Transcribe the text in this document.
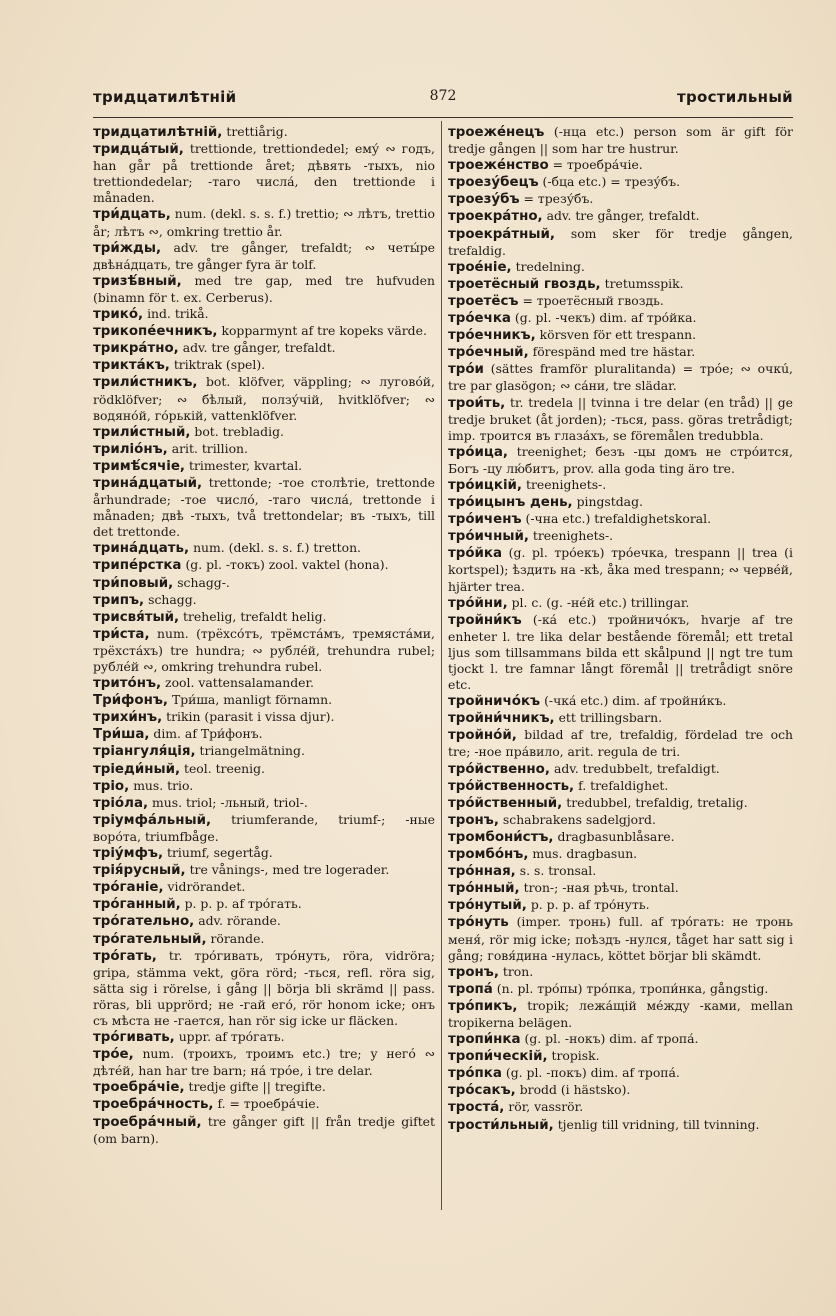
тридцатилѣтній	872	тростильный

тридцатилѣтній, trettiårig.

тридца́тый, trettionde, trettiondedel; ему́ ∾ годъ, han går på trettionde året; дѣвять -тыхъ, nio trettiondedelar; -таго числа́, den trettionde i månaden.

три́дцать, num. (dekl. s. s. f.) trettio; ∾ лѣтъ, trettio år; лѣтъ ∾, omkring trettio år.

три́жды, adv. tre gånger, trefaldt; ∾ четы́ре двѣна́дцать, tre gånger fyra är tolf.

тризѣ́вный, med tre gap, med tre hufvuden (binamn för t. ex. Cerberus).

трико́, ind. trikå.

трикопе́ечникъ, kopparmynt af tre kopeks värde.

трикра́тно, adv. tre gånger, trefaldt.

трикта́къ, triktrak (spel).

трили́стникъ, bot. klöfver, väppling; ∾ луговóй, rödklöfver; ∾ бѣлый, ползу́чій, hvitklöfver; ∾ водяно́й, го́рькій, vattenklöfver.

трили́стный, bot. trebladig.

трилióнъ, arit. trillion.

тримѣ́сячіе, trimester, kvartal.

трина́дцатый, trettonde; -тое столѣтіе, trettonde århundrade; -тое число́, -таго числа́, trettonde i månaden; двѣ -тыхъ, två trettondelar; въ -тыхъ, till det trettonde.

трина́дцать, num. (dekl. s. s. f.) tretton.

трипе́рстка (g. pl. -токъ) zool. vaktel (hona).

три́повый, schagg-.

трипъ, schagg.

трисвя́тый, trehelig, trefaldt helig.

три́ста, num. (трёхсо́тъ, трёмста́мъ, тремяста́ми, трёхста́хъ) tre hundra; ∾ рублéй, trehundra rubel; рублéй ∾, omkring trehundra rubel.

трито́нъ, zool. vattensalamander.

Три́фонъ, Три́ша, manligt förnamn.

трихи́нъ, trikin (parasit i vissa djur).

Три́ша, dim. af Три́фонъ.

тріангуля́ція, triangelmätning.

тріеди́ный, teol. treenig.

тріо, mus. trio.

тріо́ла, mus. triol; -льный, triol-.

тріумфа́льный, triumferande, triumf-; -ные воро́та, triumfbåge.

тріу́мфъ, triumf, segertåg.

трія́русный, tre vånings-, med tre logerader.

тро́ганіе, vidrörandet.

тро́ганный, p. p. p. af тро́гать.

тро́гательно, adv. rörande.

тро́гательный, rörande.

тро́гать, tr. тро́гивать, тро́нуть, röra, vidröra; gripa, stämma vekt, göra rörd; -ться, refl. röra sig, sätta sig i rörelse, i gång || börja bli skrämd || pass. röras, bli upprörd; не -гай его́, rör honom icke; онъ съ мѣста не -гается, han rör sig icke ur fläcken.

тро́гивать, uppr. af тро́гать.

трóе, num. (троихъ, троимъ etc.) tre; у негó ∾ дѣтéй, han har tre barn; на́ трóе, i tre delar.

троебра́чіе, tredje gifte || tregifte.

троебра́чность, f. = троебра́чіе.

троебра́чный, tre gånger gift || från tredje giftet (om barn).

троеже́нецъ (-нца etc.) person som är gift för tredje gången || som har tre hustrur.

троеже́нство = троебра́чіе.

троезу́бецъ (-бца etc.) = трезу́бъ.

троезу́бъ = трезу́бъ.

троекра́тно, adv. tre gånger, trefaldt.

троекра́тный, som sker för tredje gången, trefaldig.

троéніе, tredelning.

троетёсный гвоздь, tretumsspik.

троетёсъ = троетёсный гвоздь.

тро́ечка (g. pl. -чекъ) dim. af тро́йка.

тро́ечникъ, körsven för ett trespann.

тро́ечный, förespänd med tre hästar.

тро́и (sättes framför pluralitanda) = трóе; ∾ очкú, tre par glasögon; ∾ са́ни, tre slädar.

трои́ть, tr. tredela || tvinna i tre delar (en tråd) || ge tredje bruket (åt jorden); -ться, pass. göras tretrådigt; imp. троится въ глаза́хъ, se föremålen tredubbla.

тро́ица, treenighet; безъ -цы домъ не стро́ится, Богъ -цу лю́битъ, prov. alla goda ting äro tre.

тро́ицкій, treenighets-.

тро́ицынъ день, pingstdag.

тро́иченъ (-чна etc.) trefaldighetskoral.

тро́ичный, treenighets-.

тро́йка (g. pl. тро́екъ) тро́ечка, trespann || trea (i kortspel); ѣздить на -кѣ, åka med trespann; ∾ червéй, hjärter trea.

тро́йни, pl. c. (g. -нéй etc.) trillingar.

тройни́къ (-ка́ etc.) тройничóкъ, hvarje af tre enheter l. tre lika delar bestående föremål; ett tretal ljus som tillsammans bilda ett skålpund || ngt tre tum tjockt l. tre famnar långt föremål || tretrådigt snöre etc.

тройничо́къ (-чка́ etc.) dim. af тройни́къ.

тройни́чникъ, ett trillingsbarn.

тройно́й, bildad af tre, trefaldig, fördelad tre och tre; -ное пра́вило, arit. regula de tri.

тро́йственно, adv. tredubbelt, trefaldigt.

тро́йственность, f. trefaldighet.

тро́йственный, tredubbel, trefaldig, tretalig.

тронъ, schabrakens sadelgjord.

тромбони́стъ, dragbasunblåsare.

тромбо́нъ, mus. dragbasun.

тро́нная, s. s. tronsal.

тро́нный, tron-; -ная рѣчь, trontal.

тро́нутый, p. p. p. af тро́нуть.

тро́нуть (imper. тронь) full. af тро́гать: не тронь меня́, rör mig icke; поѣздъ -нулся, tåget har satt sig i gång; говя́дина -нулась, köttet börjar bli skämdt.

тронъ, tron.

тропа́ (n. pl. тро́пы) тро́пка, тропи́нка, gångstig.

тро́пикъ, tropik; лежа́щій мéжду -ками, mellan tropikerna belägen.

тропи́нка (g. pl. -нокъ) dim. af тропа́.

тропи́ческій, tropisk.

тро́пка (g. pl. -покъ) dim. af тропа́.

тро́сакъ, brodd (i hästsko).

троста́, rör, vassrör.

трости́льный, tjenlig till vridning, till tvinning.
